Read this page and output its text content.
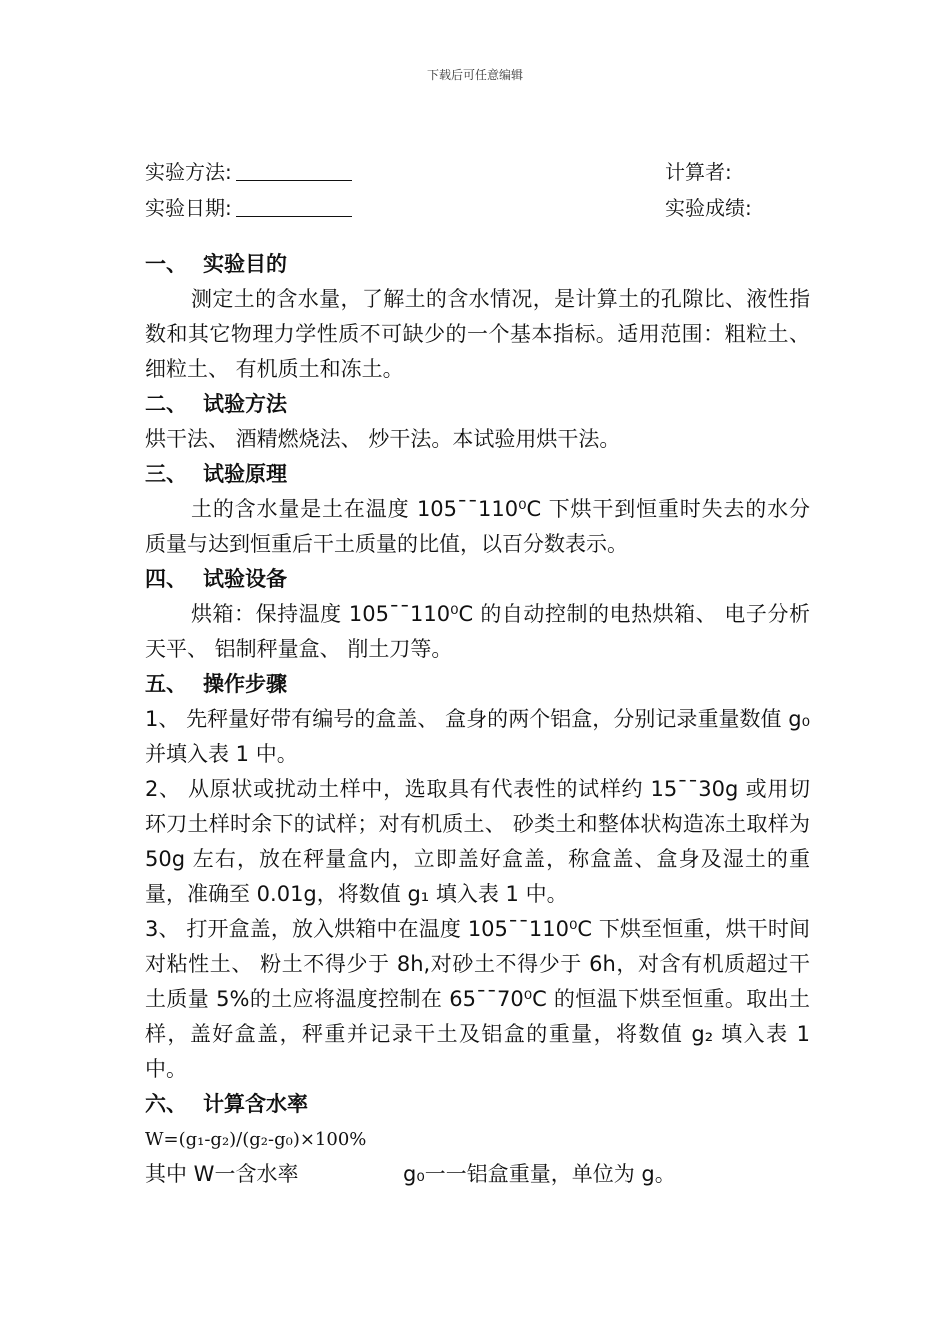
下载后可任意编辑
实验方法:	计算者:
实验日期:	实验成绩:
一、 实验目的

测定土的含水量，了解土的含水情况，是计算土的孔隙比、液性指数和其它物理力学性质不可缺少的一个基本指标。适用范围：粗粒土、 细粒土、 有机质土和冻土。

二、 试验方法

烘干法、 酒精燃烧法、 炒干法。本试验用烘干法。

三、 试验原理

土的含水量是土在温度 105¯¯110⁰C 下烘干到恒重时失去的水分质量与达到恒重后干土质量的比值，以百分数表示。

四、 试验设备

烘箱：保持温度 105¯¯110⁰C 的自动控制的电热烘箱、 电子分析天平、 铝制秤量盒、 削土刀等。

五、 操作步骤

1、 先秤量好带有编号的盒盖、 盒身的两个铝盒，分别记录重量数值 g₀ 并填入表 1 中。

2、 从原状或扰动土样中，选取具有代表性的试样约 15¯¯30g 或用切环刀土样时余下的试样；对有机质土、 砂类土和整体状构造冻土取样为 50g 左右，放在秤量盒内，立即盖好盒盖，称盒盖、盒身及湿土的重量，准确至 0.01g，将数值 g₁ 填入表 1 中。

3、 打开盒盖，放入烘箱中在温度 105¯¯110⁰C 下烘至恒重，烘干时间对粘性土、 粉土不得少于 8h,对砂土不得少于 6h，对含有机质超过干土质量 5%的土应将温度控制在 65¯¯70⁰C 的恒温下烘至恒重。取出土样，盖好盒盖，秤重并记录干土及铝盒的重量，将数值 g₂ 填入表 1 中。

六、 计算含水率
W=(g₁-g₂)/(g₂-g₀)×100%
其中 W一含水率	g₀一一铝盒重量，单位为 g。
